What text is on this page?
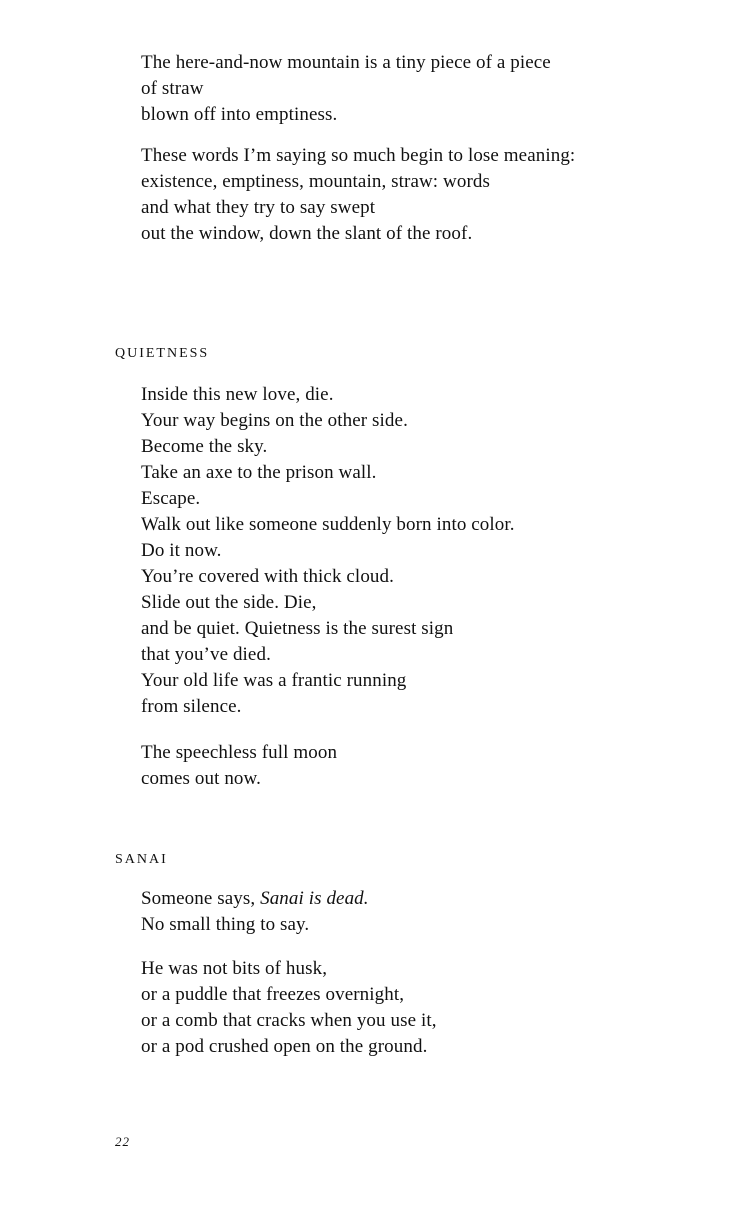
The here-and-now mountain is a tiny piece of a piece
of straw
blown off into emptiness.
These words I’m saying so much begin to lose meaning:
existence, emptiness, mountain, straw: words
and what they try to say swept
out the window, down the slant of the roof.
QUIETNESS
Inside this new love, die.
Your way begins on the other side.
Become the sky.
Take an axe to the prison wall.
Escape.
Walk out like someone suddenly born into color.
Do it now.
You’re covered with thick cloud.
Slide out the side. Die,
and be quiet. Quietness is the surest sign
that you’ve died.
Your old life was a frantic running
from silence.
The speechless full moon
comes out now.
SANAI
Someone says, Sanai is dead.
No small thing to say.
He was not bits of husk,
or a puddle that freezes overnight,
or a comb that cracks when you use it,
or a pod crushed open on the ground.
22
